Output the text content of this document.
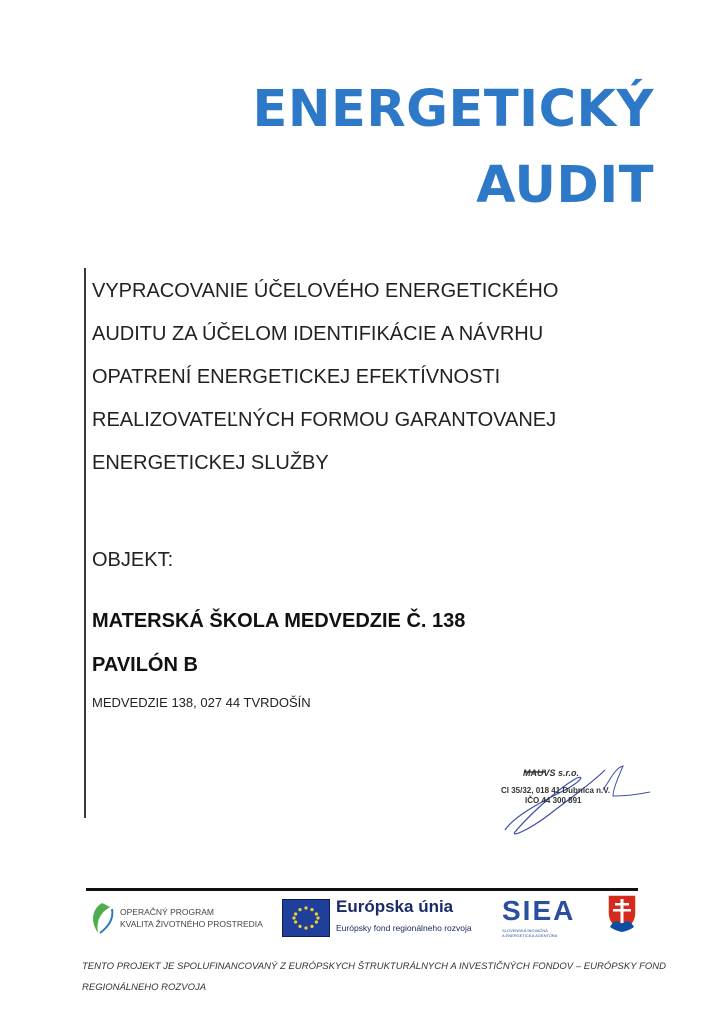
ENERGETICKÝ
AUDIT
VYPRACOVANIE ÚČELOVÉHO ENERGETICKÉHO
AUDITU ZA ÚČELOM IDENTIFIKÁCIE A NÁVRHU
OPATRENÍ ENERGETICKEJ EFEKTÍVNOSTI
REALIZOVATEĽNÝCH FORMOU GARANTOVANEJ
ENERGETICKEJ SLUŽBY
OBJEKT:
MATERSKÁ ŠKOLA MEDVEDZIE Č. 138
PAVILÓN B
MEDVEDZIE 138, 027 44 TVRDOŠÍN
MAUVS s.r.o.
Cl 35/32, 018 41 Dubnica n.V.
IČO 44 300 891
OPERAČNÝ PROGRAM
KVALITA ŽIVOTNÉHO PROSTREDIA
Európska únia
Európsky fond regionálneho rozvoja
SIEA
SLOVENSKÁ INOVAČNÁ
A ENERGETICKÁ AGENTÚRA
TENTO PROJEKT JE SPOLUFINANCOVANÝ Z EURÓPSKYCH ŠTRUKTURÁLNYCH A INVESTIČNÝCH FONDOV – EURÓPSKY FOND REGIONÁLNEHO ROZVOJA
